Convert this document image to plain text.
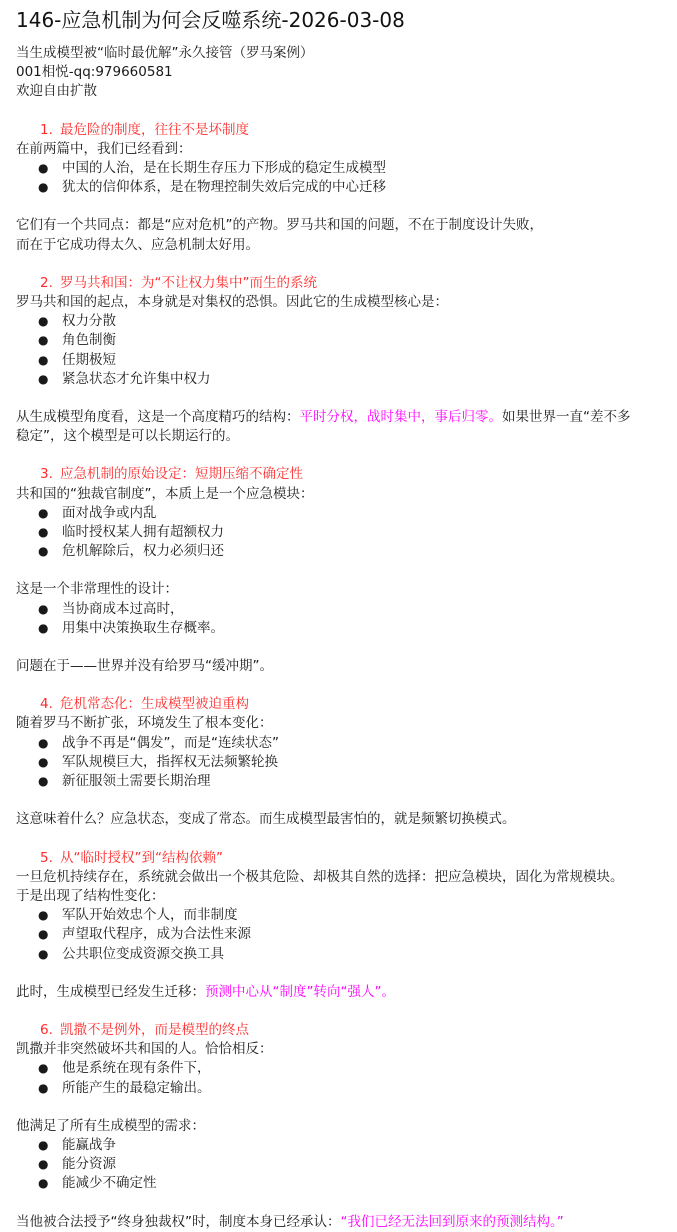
146-应急机制为何会反噬系统-2026-03-08

当生成模型被“临时最优解”永久接管（罗马案例）

001相悦-qq:979660581

欢迎自由扩散

1. 最危险的制度，往往不是坏制度

在前两篇中，我们已经看到：

● 中国的人治，是在长期生存压力下形成的稳定生成模型
● 犹太的信仰体系，是在物理控制失效后完成的中心迁移

它们有一个共同点：都是“应对危机”的产物。罗马共和国的问题，不在于制度设计失败，

而在于它成功得太久、应急机制太好用。

2. 罗马共和国：为“不让权力集中”而生的系统

罗马共和国的起点，本身就是对集权的恐惧。因此它的生成模型核心是：

● 权力分散
● 角色制衡
● 任期极短
● 紧急状态才允许集中权力

从生成模型角度看，这是一个高度精巧的结构：平时分权，战时集中，事后归零。如果世界一直“差不多

稳定”，这个模型是可以长期运行的。

3. 应急机制的原始设定：短期压缩不确定性

共和国的“独裁官制度”，本质上是一个应急模块：

● 面对战争或内乱
● 临时授权某人拥有超额权力
● 危机解除后，权力必须归还

这是一个非常理性的设计：

● 当协商成本过高时，
● 用集中决策换取生存概率。

问题在于——世界并没有给罗马“缓冲期”。

4. 危机常态化：生成模型被迫重构

随着罗马不断扩张，环境发生了根本变化：

● 战争不再是“偶发”，而是“连续状态”
● 军队规模巨大，指挥权无法频繁轮换
● 新征服领土需要长期治理

这意味着什么？应急状态，变成了常态。而生成模型最害怕的，就是频繁切换模式。

5. 从“临时授权”到“结构依赖”

一旦危机持续存在，系统就会做出一个极其危险、却极其自然的选择：把应急模块，固化为常规模块。

于是出现了结构性变化：

● 军队开始效忠个人，而非制度
● 声望取代程序，成为合法性来源
● 公共职位变成资源交换工具

此时，生成模型已经发生迁移：预测中心从“制度”转向“强人”。

6. 凯撒不是例外，而是模型的终点

凯撒并非突然破坏共和国的人。恰恰相反：

● 他是系统在现有条件下，
● 所能产生的最稳定输出。

他满足了所有生成模型的需求：

● 能赢战争
● 能分资源
● 能减少不确定性

当他被合法授予“终身独裁权”时，制度本身已经承认：“我们已经无法回到原来的预测结构。”
